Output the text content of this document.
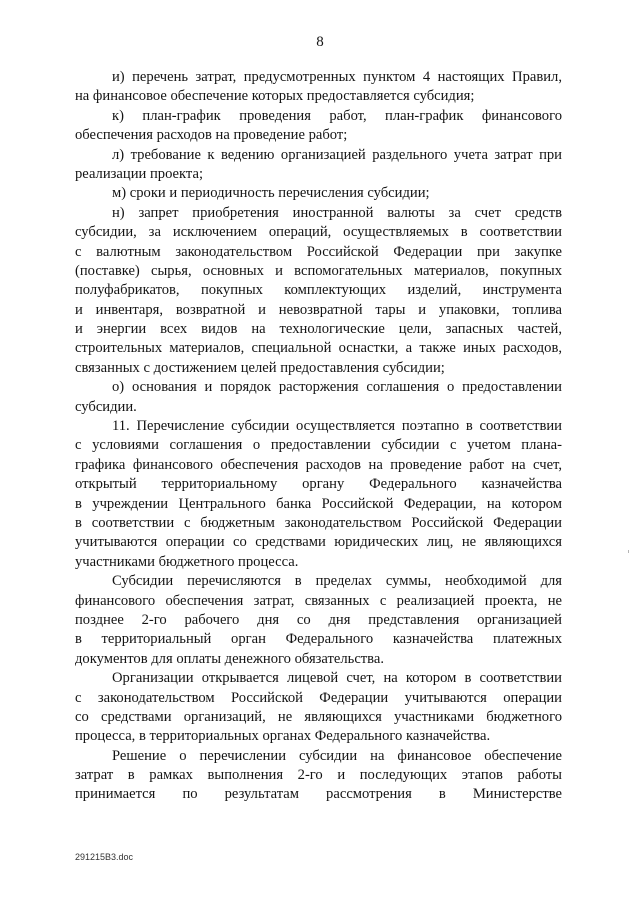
8
и) перечень затрат, предусмотренных пунктом 4 настоящих Правил,
на финансовое обеспечение которых предоставляется субсидия;
к) план-график проведения работ, план-график финансового
обеспечения расходов на проведение работ;
л) требование к ведению организацией раздельного учета затрат при
реализации проекта;
м) сроки и периодичность перечисления субсидии;
н) запрет приобретения иностранной валюты за счет средств
субсидии, за исключением операций, осуществляемых в соответствии
с валютным законодательством Российской Федерации при закупке
(поставке) сырья, основных и вспомогательных материалов, покупных
полуфабрикатов, покупных комплектующих изделий, инструмента
и инвентаря, возвратной и невозвратной тары и упаковки, топлива
и энергии всех видов на технологические цели, запасных частей,
строительных материалов, специальной оснастки, а также иных расходов,
связанных с достижением целей предоставления субсидии;
о) основания и порядок расторжения соглашения о предоставлении
субсидии.
11. Перечисление субсидии осуществляется поэтапно в соответствии
с условиями соглашения о предоставлении субсидии с учетом плана-
графика финансового обеспечения расходов на проведение работ на счет,
открытый территориальному органу Федерального казначейства
в учреждении Центрального банка Российской Федерации, на котором
в соответствии с бюджетным законодательством Российской Федерации
учитываются операции со средствами юридических лиц, не являющихся
участниками бюджетного процесса.
Субсидии перечисляются в пределах суммы, необходимой для
финансового обеспечения затрат, связанных с реализацией проекта, не
позднее 2-го рабочего дня со дня представления организацией
в территориальный орган Федерального казначейства платежных
документов для оплаты денежного обязательства.
Организации открывается лицевой счет, на котором в соответствии
с законодательством Российской Федерации учитываются операции
со средствами организаций, не являющихся участниками бюджетного
процесса, в территориальных органах Федерального казначейства.
Решение о перечислении субсидии на финансовое обеспечение
затрат в рамках выполнения 2-го и последующих этапов работы
принимается по результатам рассмотрения в Министерстве
291215B3.doc
